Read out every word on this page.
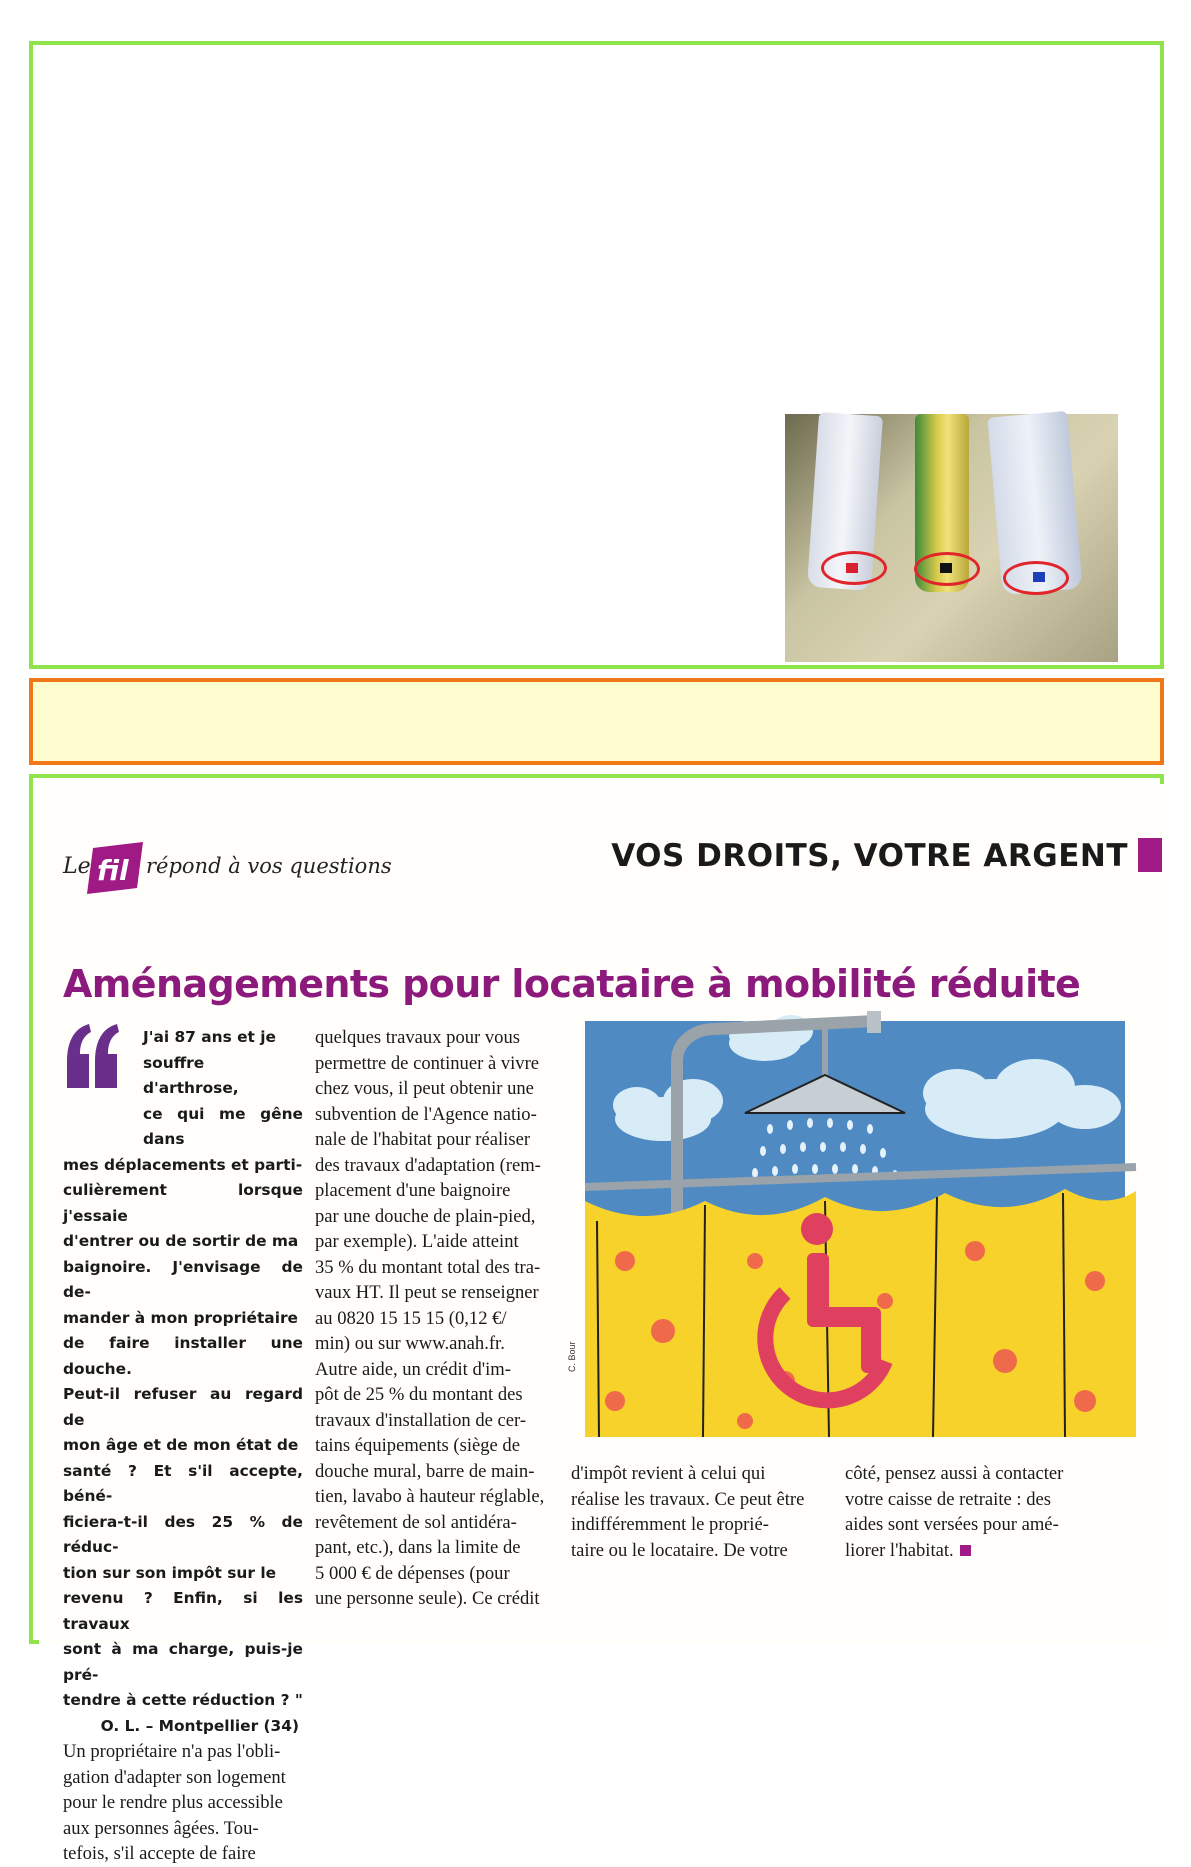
Le fil répond à vos questions	VOS DROITS, VOTRE ARGENT
Aménagements pour locataire à mobilité réduite

J'ai 87 ans et je

souffre d'arthrose,

ce qui me gêne dans

mes déplacements et parti-

culièrement lorsque j'essaie

d'entrer ou de sortir de ma

baignoire. J'envisage de de-

mander à mon propriétaire

de faire installer une douche.

Peut-il refuser au regard de

mon âge et de mon état de

santé ? Et s'il accepte, béné-

ficiera-t-il des 25 % de réduc-

tion sur son impôt sur le

revenu ? Enfin, si les travaux

sont à ma charge, puis-je pré-

tendre à cette réduction ? "

O. L. – Montpellier (34)

Un propriétaire n'a pas l'obli-

gation d'adapter son logement

pour le rendre plus accessible

aux personnes âgées. Tou-

tefois, s'il accepte de faire

quelques travaux pour vous

permettre de continuer à vivre

chez vous, il peut obtenir une

subvention de l'Agence natio-

nale de l'habitat pour réaliser

des travaux d'adaptation (rem-

placement d'une baignoire

par une douche de plain-pied,

par exemple). L'aide atteint

35 % du montant total des tra-

vaux HT. Il peut se renseigner

au 0820 15 15 15 (0,12 €/

min) ou sur www.anah.fr.

Autre aide, un crédit d'im-

pôt de 25 % du montant des

travaux d'installation de cer-

tains équipements (siège de

douche mural, barre de main-

tien, lavabo à hauteur réglable,

revêtement de sol antidéra-

pant, etc.), dans la limite de

5 000 € de dépenses (pour

une personne seule). Ce crédit

C. Bour

d'impôt revient à celui qui

réalise les travaux. Ce peut être

indifféremment le proprié-

taire ou le locataire. De votre

côté, pensez aussi à contacter

votre caisse de retraite : des

aides sont versées pour amé-

liorer l'habitat.
